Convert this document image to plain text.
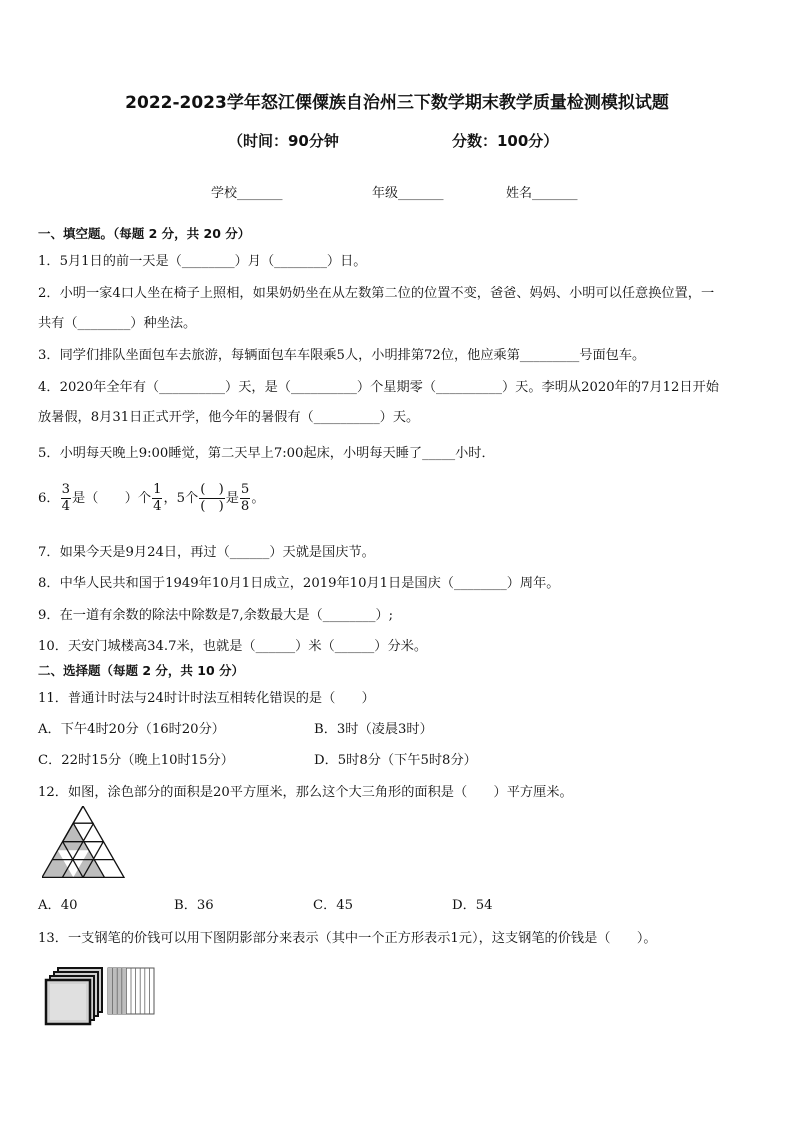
2022-2023学年怒江傈僳族自治州三下数学期末教学质量检测模拟试题
（时间：90分钟	分数：100分）
学校_______	年级_______	姓名_______
一、填空题。（每题 2 分，共 20 分）
1．5月1日的前一天是（________）月（________）日。
2．小明一家4口人坐在椅子上照相，如果奶奶坐在从左数第二位的位置不变，爸爸、妈妈、小明可以任意换位置，一
共有（________）种坐法。
3．同学们排队坐面包车去旅游，每辆面包车车限乘5人，小明排第72位，他应乘第_________号面包车。
4．2020年全年有（__________）天，是（__________）个星期零（__________）天。李明从2020年的7月12日开始
放暑假，8月31日正式开学，他今年的暑假有（__________）天。
5．小明每天晚上9:00睡觉，第二天早上7:00起床，小明每天睡了_____小时．
6． $\frac{3}{4}$ 是（　　）个 $\frac{1}{4}$ ，5个 $\frac{( )}{( )}$ 是 $\frac{5}{8}$ 。
7．如果今天是9月24日，再过（______）天就是国庆节。
8．中华人民共和国于1949年10月1日成立，2019年10月1日是国庆（________）周年。
9．在一道有余数的除法中除数是7,余数最大是（________）;
10．天安门城楼高34.7米，也就是（______）米（______）分米。
二、选择题（每题 2 分，共 10 分）
11．普通计时法与24时计时法互相转化错误的是（　　）
A．下午4时20分（16时20分）	B．3时（凌晨3时）
C．22时15分（晚上10时15分）	D．5时8分（下午5时8分）
12．如图，涂色部分的面积是20平方厘米，那么这个大三角形的面积是（　　）平方厘米。
A．40	B．36	C．45	D．54
13．一支钢笔的价钱可以用下图阴影部分来表示（其中一个正方形表示1元），这支钢笔的价钱是（　　）。
